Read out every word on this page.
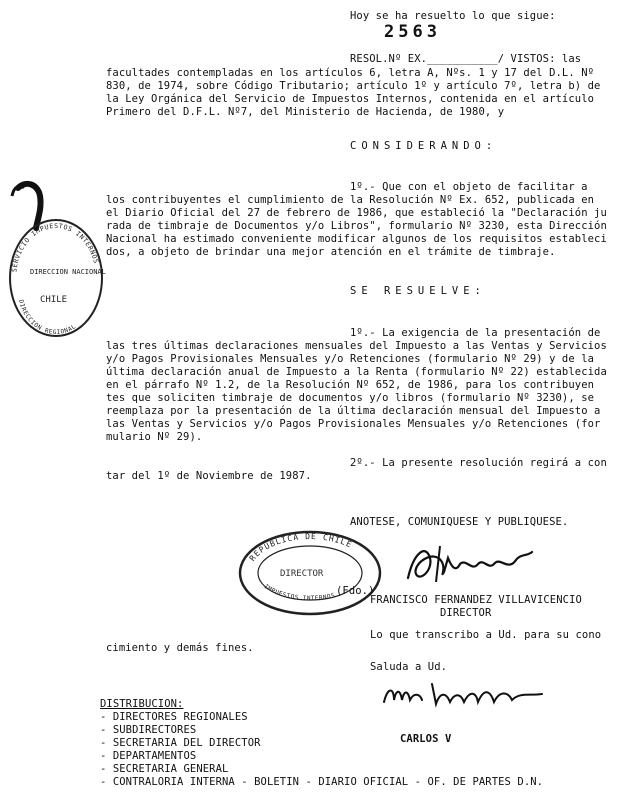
Hoy se ha resuelto lo que sigue:
2563
RESOL.Nº EX.___________/ VISTOS: las
facultades contempladas en los artículos 6, letra A, Nºs. 1 y 17 del D.L. Nº
830, de 1974, sobre Código Tributario; artículo 1º y artículo 7º, letra b) de
la Ley Orgánica del Servicio de Impuestos Internos, contenida en el artículo
Primero del D.F.L. Nº7, del Ministerio de Hacienda, de 1980, y
CONSIDERANDO:
1º.- Que con el objeto de facilitar a
los contribuyentes el cumplimiento de la Resolución Nº Ex. 652, publicada en
el Diario Oficial del 27 de febrero de 1986, que estableció la "Declaración ju
rada de timbraje de Documentos y/o Libros", formulario Nº 3230, esta Dirección
Nacional ha estimado conveniente modificar algunos de los requisitos estableci
dos, a objeto de brindar una mejor atención en el trámite de timbraje.
SE RESUELVE:
1º.- La exigencia de la presentación de
las tres últimas declaraciones mensuales del Impuesto a las Ventas y Servicios
y/o Pagos Provisionales Mensuales y/o Retenciones (formulario Nº 29) y de la
última declaración anual de Impuesto a la Renta (formulario Nº 22) establecida
en el párrafo Nº 1.2, de la Resolución Nº 652, de 1986, para los contribuyen
tes que soliciten timbraje de documentos y/o libros (formulario Nº 3230), se
reemplaza por la presentación de la última declaración mensual del Impuesto a
las Ventas y Servicios y/o Pagos Provisionales Mensuales y/o Retenciones (for
mulario Nº 29).
2º.- La presente resolución regirá a con
tar del 1º de Noviembre de 1987.
ANOTESE, COMUNIQUESE Y PUBLIQUESE.
REPUBLICA DE CHILE
IMPUESTOS INTERNOS
DIRECTOR
(Fdo.)
FRANCISCO FERNANDEZ VILLAVICENCIO
DIRECTOR
Lo que transcribo a Ud. para su cono
cimiento y demás fines.
Saluda a Ud.
DISTRIBUCION:
- DIRECTORES REGIONALES
- SUBDIRECTORES
- SECRETARIA DEL DIRECTOR
- DEPARTAMENTOS
- SECRETARIA GENERAL
- CONTRALORIA INTERNA - BOLETIN - DIARIO OFICIAL - OF. DE PARTES D.N.
CARLOS V
SERVICIO IMPUESTOS INTERNOS
DIRECCION REGIONAL
DIRECCION NACIONAL
CHILE
